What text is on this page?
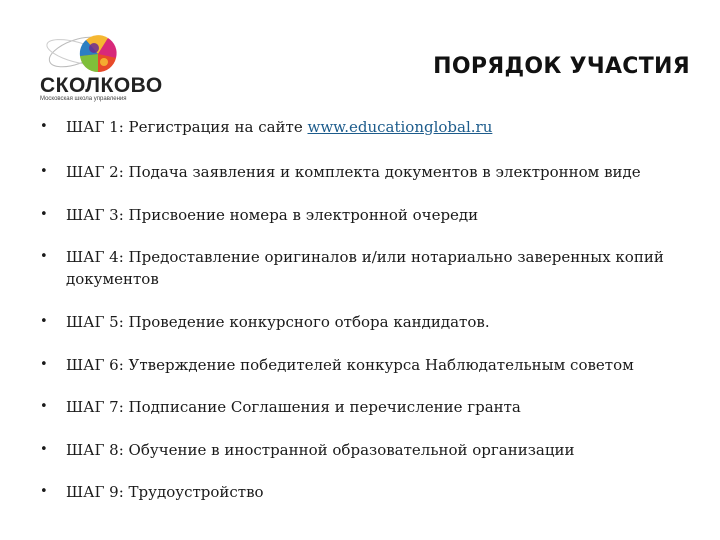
СКОЛКОВО
Московская школа управления
ПОРЯДОК УЧАСТИЯ
• ШАГ 1: Регистрация на сайте www.educationglobal.ru
• ШАГ 2: Подача заявления и комплекта документов в электронном виде
• ШАГ 3: Присвоение номера в электронной очереди
• ШАГ 4: Предоставление оригиналов и/или нотариально заверенных копий документов
• ШАГ 5: Проведение конкурсного отбора кандидатов.
• ШАГ 6: Утверждение победителей конкурса Наблюдательным советом
• ШАГ 7: Подписание Соглашения и перечисление гранта
• ШАГ 8: Обучение в иностранной образовательной организации
• ШАГ 9: Трудоустройство
